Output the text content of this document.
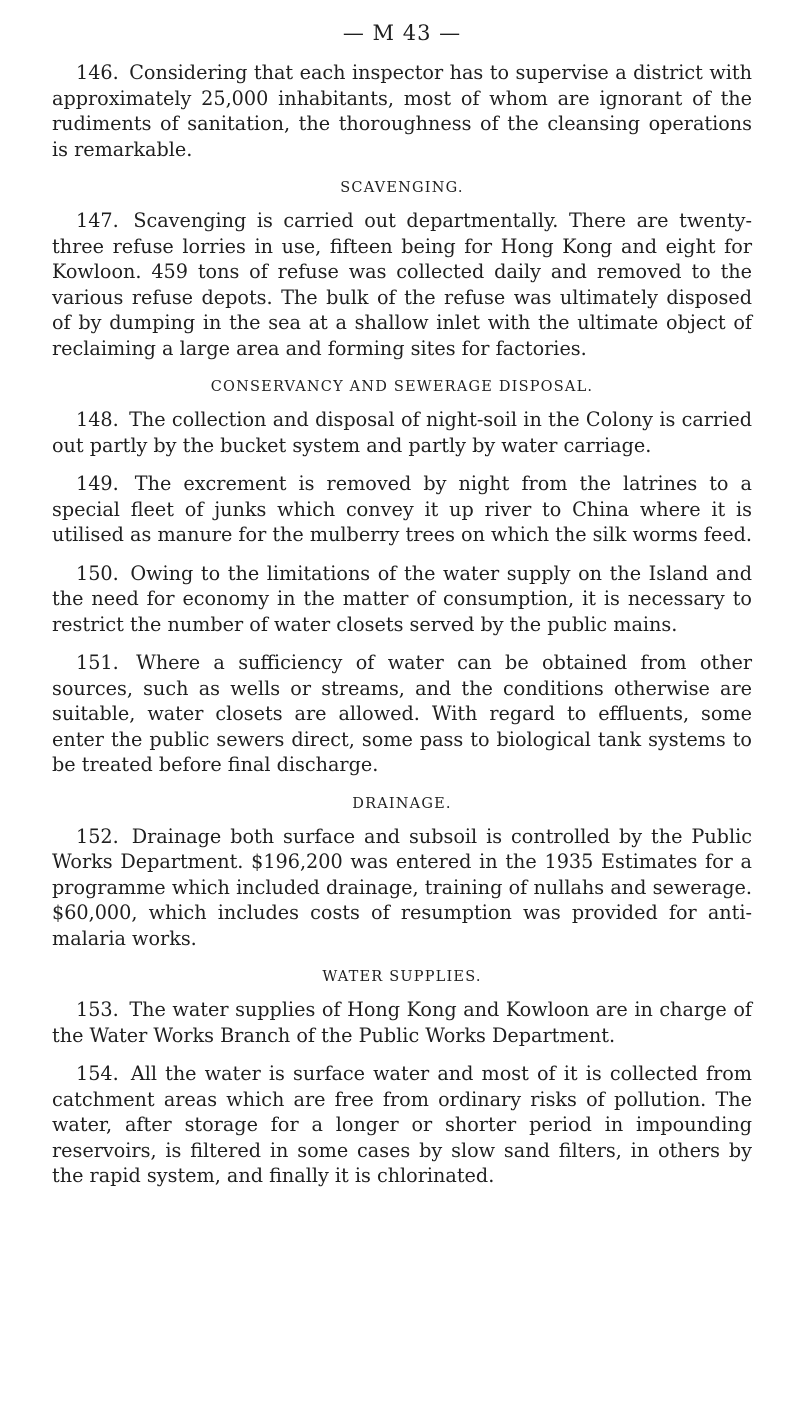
— M 43 —

146. Considering that each inspector has to supervise a district with approximately 25,000 inhabitants, most of whom are ignorant of the rudiments of sanitation, the thoroughness of the cleansing operations is remarkable.

SCAVENGING.

147. Scavenging is carried out departmentally. There are twenty-three refuse lorries in use, fifteen being for Hong Kong and eight for Kowloon. 459 tons of refuse was collected daily and removed to the various refuse depots. The bulk of the refuse was ultimately disposed of by dumping in the sea at a shallow inlet with the ultimate object of reclaiming a large area and forming sites for factories.

CONSERVANCY AND SEWERAGE DISPOSAL.

148. The collection and disposal of night-soil in the Colony is carried out partly by the bucket system and partly by water carriage.

149. The excrement is removed by night from the latrines to a special fleet of junks which convey it up river to China where it is utilised as manure for the mulberry trees on which the silk worms feed.

150. Owing to the limitations of the water supply on the Island and the need for economy in the matter of consumption, it is necessary to restrict the number of water closets served by the public mains.

151. Where a sufficiency of water can be obtained from other sources, such as wells or streams, and the conditions otherwise are suitable, water closets are allowed. With regard to effluents, some enter the public sewers direct, some pass to biological tank systems to be treated before final discharge.

DRAINAGE.

152. Drainage both surface and subsoil is controlled by the Public Works Department. $196,200 was entered in the 1935 Estimates for a programme which included drainage, training of nullahs and sewerage. $60,000, which includes costs of resumption was provided for anti-malaria works.

WATER SUPPLIES.

153. The water supplies of Hong Kong and Kowloon are in charge of the Water Works Branch of the Public Works Department.

154. All the water is surface water and most of it is collected from catchment areas which are free from ordinary risks of pollution. The water, after storage for a longer or shorter period in impounding reservoirs, is filtered in some cases by slow sand filters, in others by the rapid system, and finally it is chlorinated.
